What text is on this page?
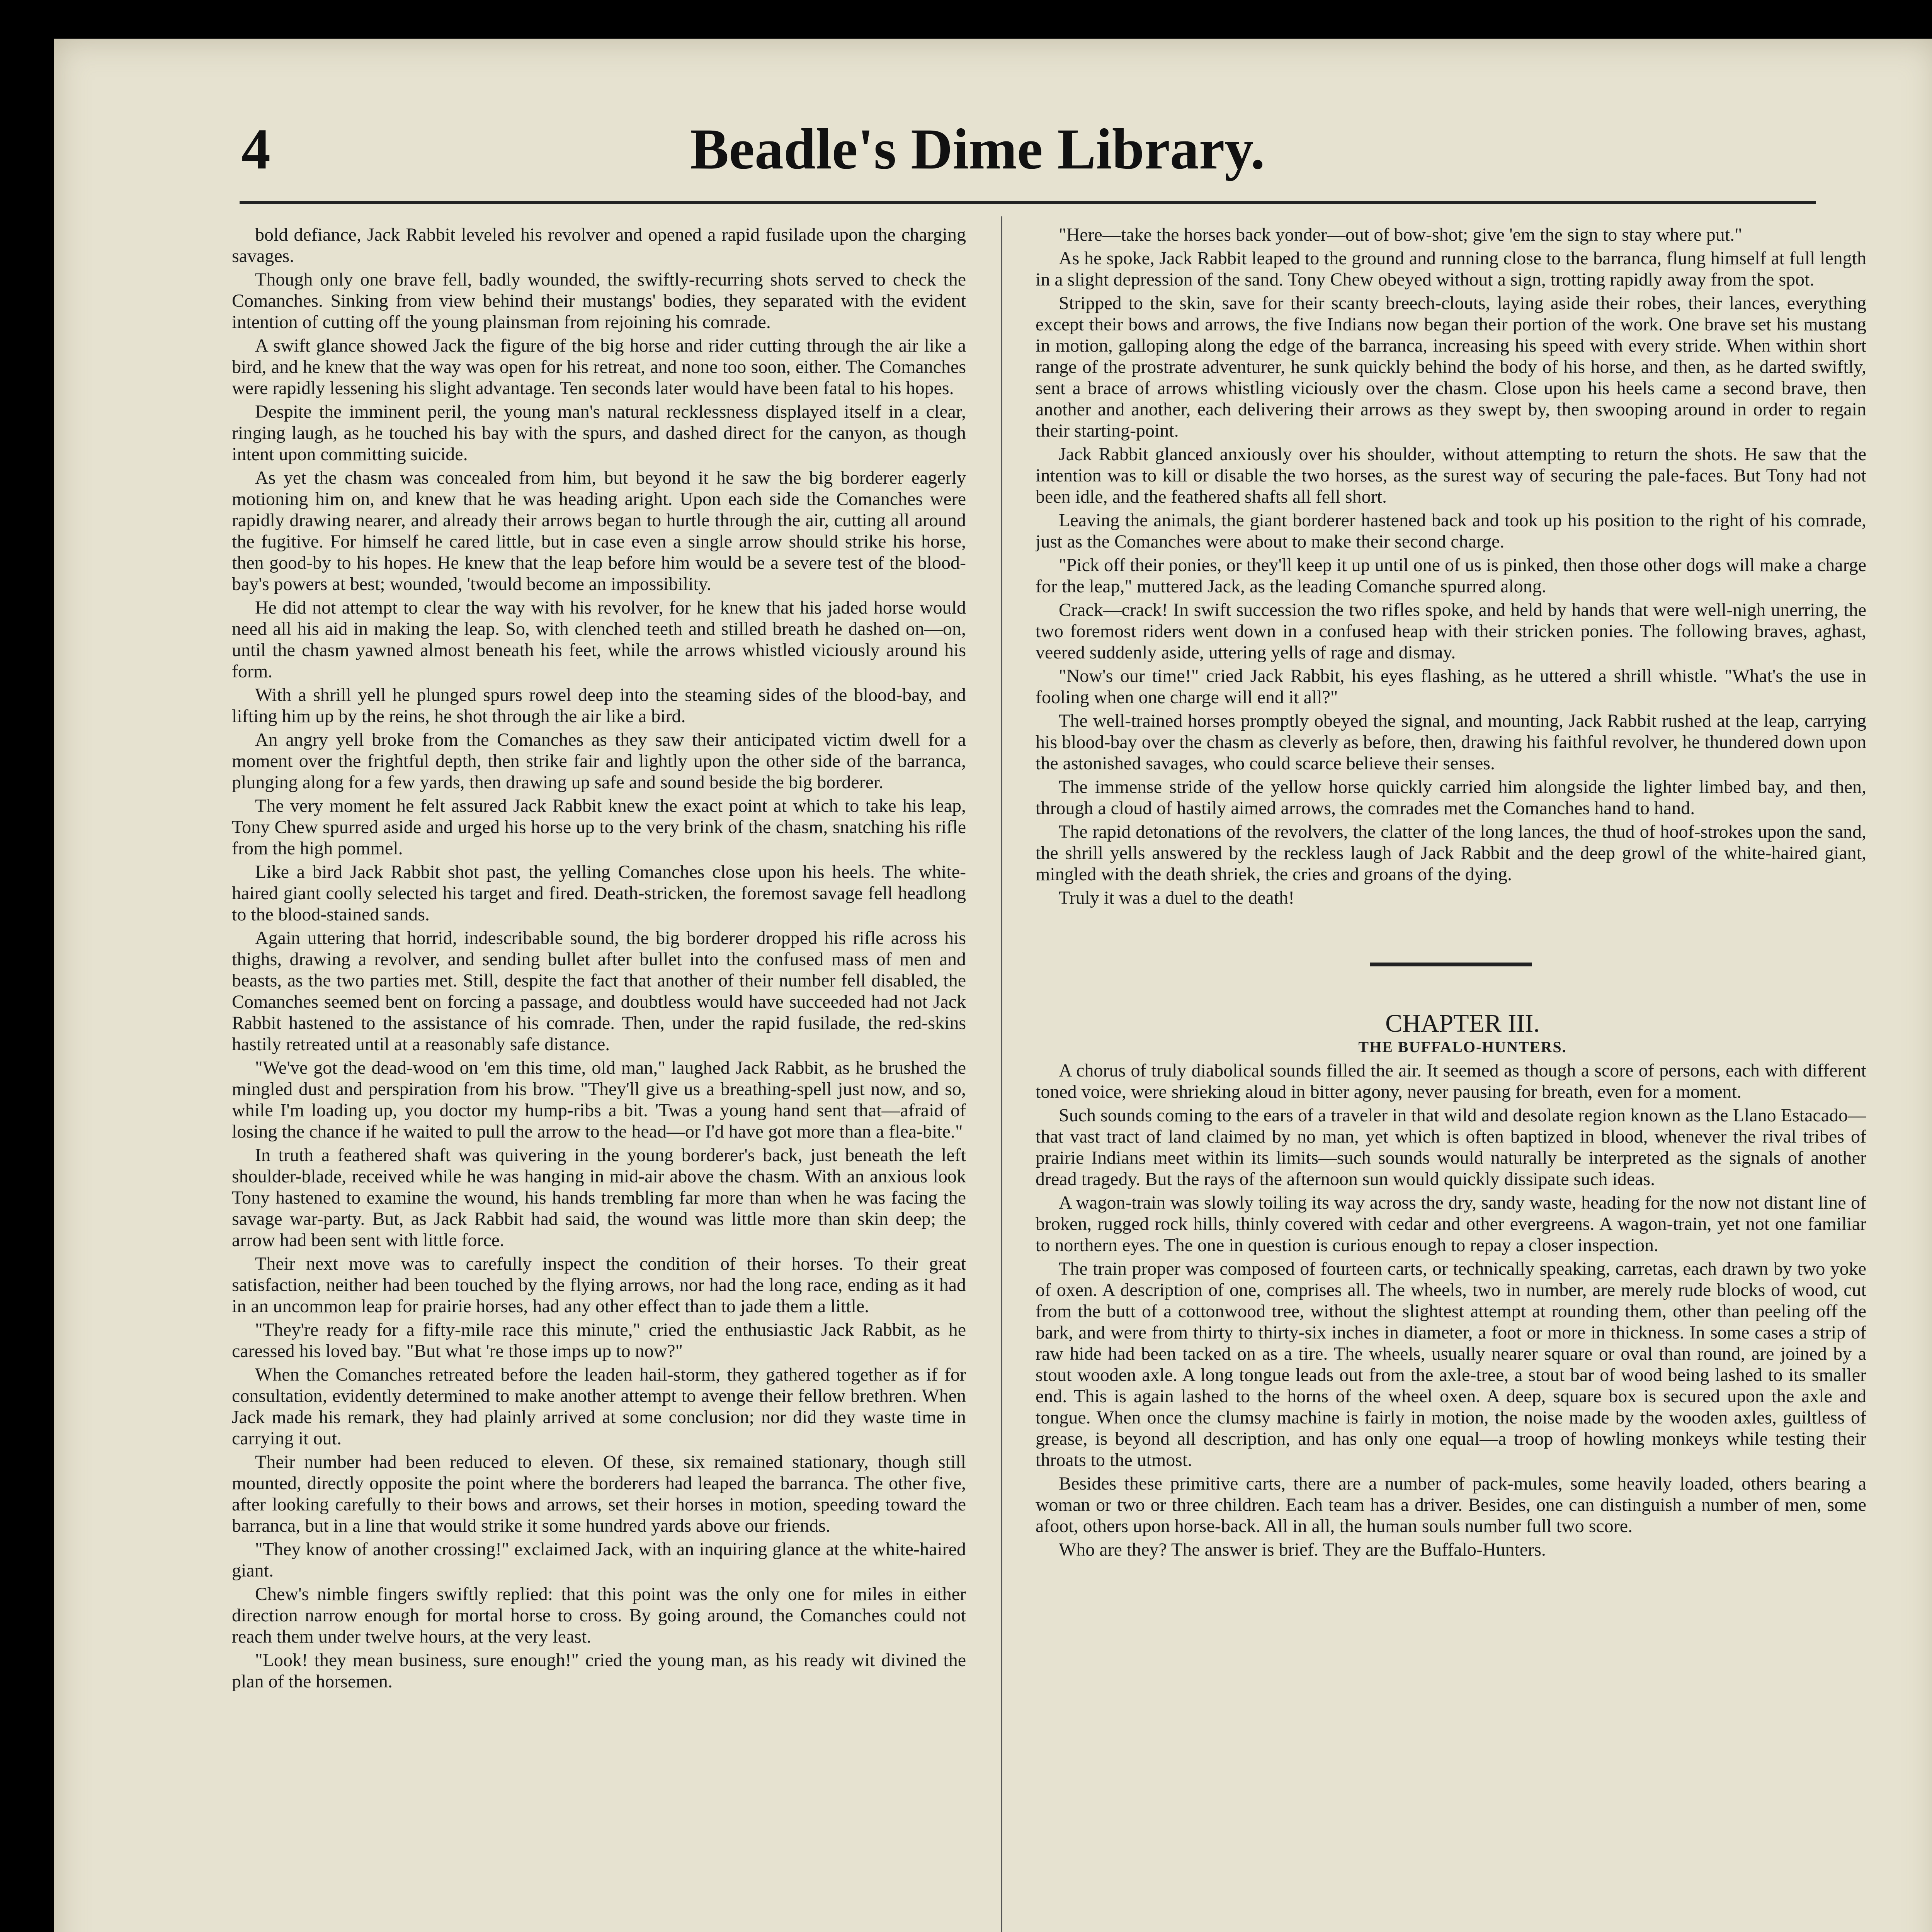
4	Beadle's Dime Library.

bold defiance, Jack Rabbit leveled his revolver and opened a rapid fusilade upon the charging savages.

Though only one brave fell, badly wounded, the swiftly-recurring shots served to check the Comanches. Sinking from view behind their mustangs' bodies, they separated with the evident intention of cutting off the young plainsman from rejoining his comrade.

A swift glance showed Jack the figure of the big horse and rider cutting through the air like a bird, and he knew that the way was open for his retreat, and none too soon, either. The Comanches were rapidly lessening his slight advantage. Ten seconds later would have been fatal to his hopes.

Despite the imminent peril, the young man's natural recklessness displayed itself in a clear, ringing laugh, as he touched his bay with the spurs, and dashed direct for the canyon, as though intent upon committing suicide.

As yet the chasm was concealed from him, but beyond it he saw the big borderer eagerly motioning him on, and knew that he was heading aright. Upon each side the Comanches were rapidly drawing nearer, and already their arrows began to hurtle through the air, cutting all around the fugitive. For himself he cared little, but in case even a single arrow should strike his horse, then good-by to his hopes. He knew that the leap before him would be a severe test of the blood-bay's powers at best; wounded, 'twould become an impossibility.

He did not attempt to clear the way with his revolver, for he knew that his jaded horse would need all his aid in making the leap. So, with clenched teeth and stilled breath he dashed on—on, until the chasm yawned almost beneath his feet, while the arrows whistled viciously around his form.

With a shrill yell he plunged spurs rowel deep into the steaming sides of the blood-bay, and lifting him up by the reins, he shot through the air like a bird.

An angry yell broke from the Comanches as they saw their anticipated victim dwell for a moment over the frightful depth, then strike fair and lightly upon the other side of the barranca, plunging along for a few yards, then drawing up safe and sound beside the big borderer.

The very moment he felt assured Jack Rabbit knew the exact point at which to take his leap, Tony Chew spurred aside and urged his horse up to the very brink of the chasm, snatching his rifle from the high pommel.

Like a bird Jack Rabbit shot past, the yelling Comanches close upon his heels. The white-haired giant coolly selected his target and fired. Death-stricken, the foremost savage fell headlong to the blood-stained sands.

Again uttering that horrid, indescribable sound, the big borderer dropped his rifle across his thighs, drawing a revolver, and sending bullet after bullet into the confused mass of men and beasts, as the two parties met. Still, despite the fact that another of their number fell disabled, the Comanches seemed bent on forcing a passage, and doubtless would have succeeded had not Jack Rabbit hastened to the assistance of his comrade. Then, under the rapid fusilade, the red-skins hastily retreated until at a reasonably safe distance.

"We've got the dead-wood on 'em this time, old man," laughed Jack Rabbit, as he brushed the mingled dust and perspiration from his brow. "They'll give us a breathing-spell just now, and so, while I'm loading up, you doctor my hump-ribs a bit. 'Twas a young hand sent that—afraid of losing the chance if he waited to pull the arrow to the head—or I'd have got more than a flea-bite."

In truth a feathered shaft was quivering in the young borderer's back, just beneath the left shoulder-blade, received while he was hanging in mid-air above the chasm. With an anxious look Tony hastened to examine the wound, his hands trembling far more than when he was facing the savage war-party. But, as Jack Rabbit had said, the wound was little more than skin deep; the arrow had been sent with little force.

Their next move was to carefully inspect the condition of their horses. To their great satisfaction, neither had been touched by the flying arrows, nor had the long race, ending as it had in an uncommon leap for prairie horses, had any other effect than to jade them a little.

"They're ready for a fifty-mile race this minute," cried the enthusiastic Jack Rabbit, as he caressed his loved bay. "But what 're those imps up to now?"

When the Comanches retreated before the leaden hail-storm, they gathered together as if for consultation, evidently determined to make another attempt to avenge their fellow brethren. When Jack made his remark, they had plainly arrived at some conclusion; nor did they waste time in carrying it out.

Their number had been reduced to eleven. Of these, six remained stationary, though still mounted, directly opposite the point where the borderers had leaped the barranca. The other five, after looking carefully to their bows and arrows, set their horses in motion, speeding toward the barranca, but in a line that would strike it some hundred yards above our friends.

"They know of another crossing!" exclaimed Jack, with an inquiring glance at the white-haired giant.

Chew's nimble fingers swiftly replied: that this point was the only one for miles in either direction narrow enough for mortal horse to cross. By going around, the Comanches could not reach them under twelve hours, at the very least.

"Look! they mean business, sure enough!" cried the young man, as his ready wit divined the plan of the horsemen.

"Here—take the horses back yonder—out of bow-shot; give 'em the sign to stay where put."

As he spoke, Jack Rabbit leaped to the ground and running close to the barranca, flung himself at full length in a slight depression of the sand. Tony Chew obeyed without a sign, trotting rapidly away from the spot.

Stripped to the skin, save for their scanty breech-clouts, laying aside their robes, their lances, everything except their bows and arrows, the five Indians now began their portion of the work. One brave set his mustang in motion, galloping along the edge of the barranca, increasing his speed with every stride. When within short range of the prostrate adventurer, he sunk quickly behind the body of his horse, and then, as he darted swiftly, sent a brace of arrows whistling viciously over the chasm. Close upon his heels came a second brave, then another and another, each delivering their arrows as they swept by, then swooping around in order to regain their starting-point.

Jack Rabbit glanced anxiously over his shoulder, without attempting to return the shots. He saw that the intention was to kill or disable the two horses, as the surest way of securing the pale-faces. But Tony had not been idle, and the feathered shafts all fell short.

Leaving the animals, the giant borderer hastened back and took up his position to the right of his comrade, just as the Comanches were about to make their second charge.

"Pick off their ponies, or they'll keep it up until one of us is pinked, then those other dogs will make a charge for the leap," muttered Jack, as the leading Comanche spurred along.

Crack—crack! In swift succession the two rifles spoke, and held by hands that were well-nigh unerring, the two foremost riders went down in a confused heap with their stricken ponies. The following braves, aghast, veered suddenly aside, uttering yells of rage and dismay.

"Now's our time!" cried Jack Rabbit, his eyes flashing, as he uttered a shrill whistle. "What's the use in fooling when one charge will end it all?"

The well-trained horses promptly obeyed the signal, and mounting, Jack Rabbit rushed at the leap, carrying his blood-bay over the chasm as cleverly as before, then, drawing his faithful revolver, he thundered down upon the astonished savages, who could scarce believe their senses.

The immense stride of the yellow horse quickly carried him alongside the lighter limbed bay, and then, through a cloud of hastily aimed arrows, the comrades met the Comanches hand to hand.

The rapid detonations of the revolvers, the clatter of the long lances, the thud of hoof-strokes upon the sand, the shrill yells answered by the reckless laugh of Jack Rabbit and the deep growl of the white-haired giant, mingled with the death shriek, the cries and groans of the dying.

Truly it was a duel to the death!

CHAPTER III.

THE BUFFALO-HUNTERS.

A chorus of truly diabolical sounds filled the air. It seemed as though a score of persons, each with different toned voice, were shrieking aloud in bitter agony, never pausing for breath, even for a moment.

Such sounds coming to the ears of a traveler in that wild and desolate region known as the Llano Estacado—that vast tract of land claimed by no man, yet which is often baptized in blood, whenever the rival tribes of prairie Indians meet within its limits—such sounds would naturally be interpreted as the signals of another dread tragedy. But the rays of the afternoon sun would quickly dissipate such ideas.

A wagon-train was slowly toiling its way across the dry, sandy waste, heading for the now not distant line of broken, rugged rock hills, thinly covered with cedar and other evergreens. A wagon-train, yet not one familiar to northern eyes. The one in question is curious enough to repay a closer inspection.

The train proper was composed of fourteen carts, or technically speaking, carretas, each drawn by two yoke of oxen. A description of one, comprises all. The wheels, two in number, are merely rude blocks of wood, cut from the butt of a cottonwood tree, without the slightest attempt at rounding them, other than peeling off the bark, and were from thirty to thirty-six inches in diameter, a foot or more in thickness. In some cases a strip of raw hide had been tacked on as a tire. The wheels, usually nearer square or oval than round, are joined by a stout wooden axle. A long tongue leads out from the axle-tree, a stout bar of wood being lashed to its smaller end. This is again lashed to the horns of the wheel oxen. A deep, square box is secured upon the axle and tongue. When once the clumsy machine is fairly in motion, the noise made by the wooden axles, guiltless of grease, is beyond all description, and has only one equal—a troop of howling monkeys while testing their throats to the utmost.

Besides these primitive carts, there are a number of pack-mules, some heavily loaded, others bearing a woman or two or three children. Each team has a driver. Besides, one can distinguish a number of men, some afoot, others upon horse-back. All in all, the human souls number full two score.

Who are they? The answer is brief. They are the Buffalo-Hunters.
